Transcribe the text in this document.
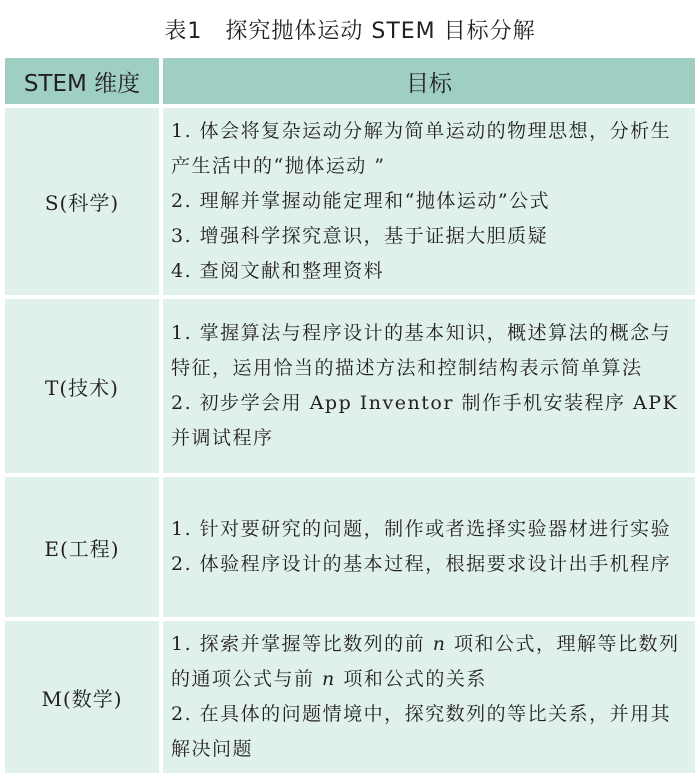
表1　探究抛体运动 STEM 目标分解
STEM 维度	目标
S(科学)	1. 体会将复杂运动分解为简单运动的物理思想，分析生产生活中的“抛体运动 ”
2. 理解并掌握动能定理和“抛体运动”公式
3. 增强科学探究意识，基于证据大胆质疑
4. 查阅文献和整理资料

T(技术)	1. 掌握算法与程序设计的基本知识，概述算法的概念与特征，运用恰当的描述方法和控制结构表示简单算法
2. 初步学会用 App Inventor 制作手机安装程序 APK 并调试程序

E(工程)	1. 针对要研究的问题，制作或者选择实验器材进行实验
2. 体验程序设计的基本过程，根据要求设计出手机程序

M(数学)	1. 探索并掌握等比数列的前 n 项和公式，理解等比数列的通项公式与前 n 项和公式的关系
2. 在具体的问题情境中，探究数列的等比关系，并用其解决问题
